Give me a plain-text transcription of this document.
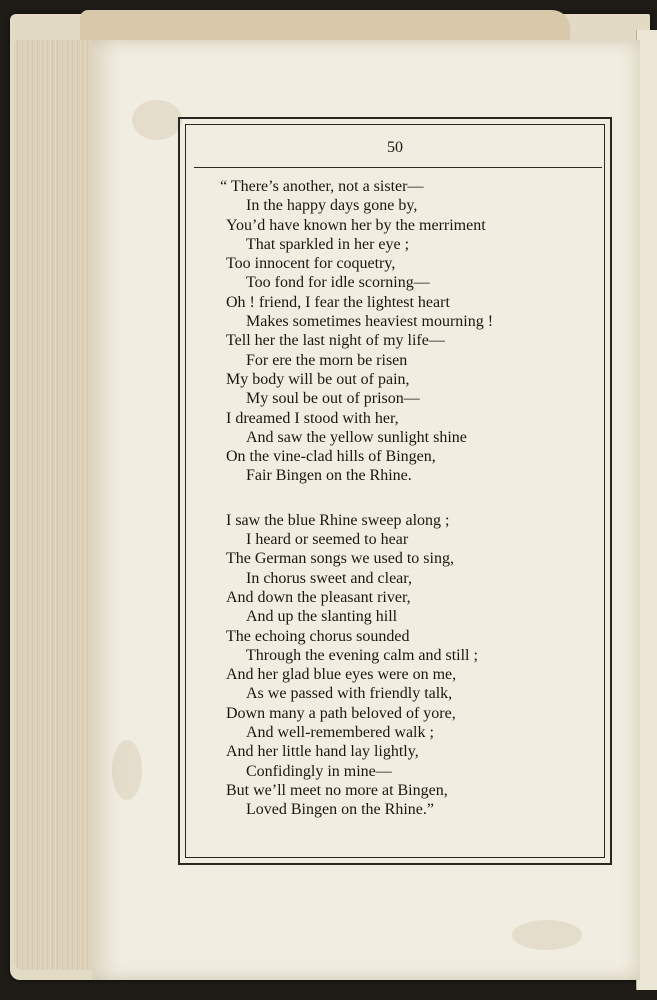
50
“ There’s another, not a sister—
In the happy days gone by,
You’d have known her by the merriment
That sparkled in her eye ;
Too innocent for coquetry,
Too fond for idle scorning—
Oh ! friend, I fear the lightest heart
Makes sometimes heaviest mourning !
Tell her the last night of my life—
For ere the morn be risen
My body will be out of pain,
My soul be out of prison—
I dreamed I stood with her,
And saw the yellow sunlight shine
On the vine-clad hills of Bingen,
Fair Bingen on the Rhine.
I saw the blue Rhine sweep along ;
I heard or seemed to hear
The German songs we used to sing,
In chorus sweet and clear,
And down the pleasant river,
And up the slanting hill
The echoing chorus sounded
Through the evening calm and still ;
And her glad blue eyes were on me,
As we passed with friendly talk,
Down many a path beloved of yore,
And well-remembered walk ;
And her little hand lay lightly,
Confidingly in mine—
But we’ll meet no more at Bingen,
Loved Bingen on the Rhine.”
